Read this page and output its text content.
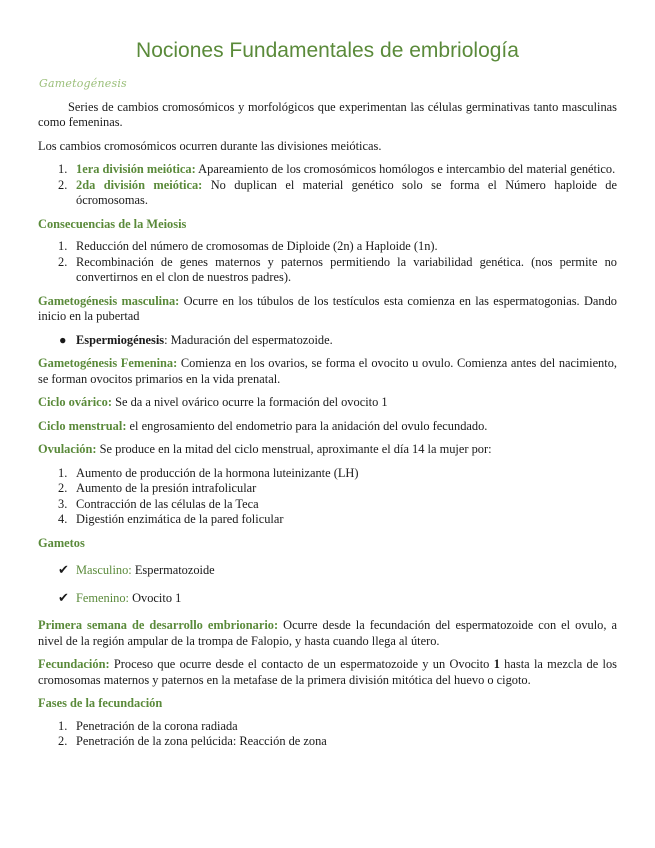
Nociones Fundamentales de embriología
Gametogénesis

Series de cambios cromosómicos y morfológicos que experimentan las células germinativas tanto masculinas como femeninas.

Los cambios cromosómicos ocurren durante las divisiones meióticas.

1. 1era división meiótica: Apareamiento de los cromosómicos homólogos e intercambio del material genético.
2. 2da división meiótica: No duplican el material genético solo se forma el Número haploide de ócromosomas.
Consecuencias de la Meiosis
1. Reducción del número de cromosomas de Diploide (2n) a Haploide (1n).
2. Recombinación de genes maternos y paternos permitiendo la variabilidad genética. (nos permite no convertirnos en el clon de nuestros padres).

Gametogénesis masculina: Ocurre en los túbulos de los testículos esta comienza en las espermatogonias. Dando inicio en la pubertad

● Espermiogénesis: Maduración del espermatozoide.

Gametogénesis Femenina: Comienza en los ovarios, se forma el ovocito u ovulo. Comienza antes del nacimiento, se forman ovocitos primarios en la vida prenatal.

Ciclo ovárico: Se da a nivel ovárico ocurre la formación del ovocito 1

Ciclo menstrual: el engrosamiento del endometrio para la anidación del ovulo fecundado.

Ovulación: Se produce en la mitad del ciclo menstrual, aproximante el día 14 la mujer por:

1. Aumento de producción de la hormona luteinizante (LH)
2. Aumento de la presión intrafolicular
3. Contracción de las células de la Teca
4. Digestión enzimática de la pared folicular
Gametos
✔ Masculino: Espermatozoide
✔ Femenino: Ovocito 1

Primera semana de desarrollo embrionario: Ocurre desde la fecundación del espermatozoide con el ovulo, a nivel de la región ampular de la trompa de Falopio, y hasta cuando llega al útero.

Fecundación: Proceso que ocurre desde el contacto de un espermatozoide y un Ovocito 1 hasta la mezcla de los cromosomas maternos y paternos en la metafase de la primera división mitótica del huevo o cigoto.

Fases de la fecundación
1. Penetración de la corona radiada
2. Penetración de la zona pelúcida: Reacción de zona
